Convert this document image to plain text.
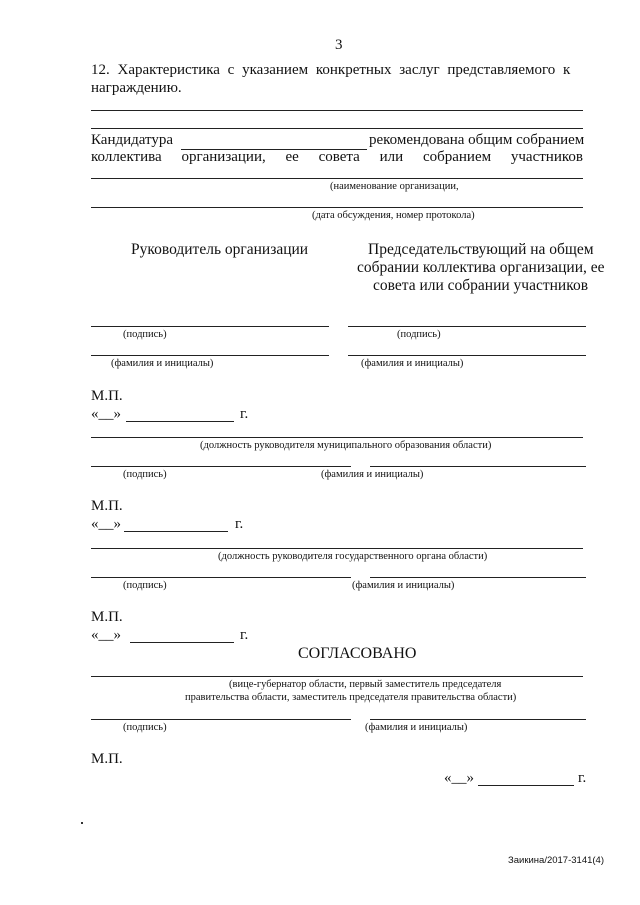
3
12. Характеристика с указанием конкретных заслуг представляемого к
награждению.
Кандидатура	рекомендована общим собранием
коллектива организации, ее совета или собранием участников
(наименование организации,
(дата обсуждения, номер протокола)
Руководитель организации	Председательствующий на общем
собрании коллектива организации, ее
совета или собрании участников
(подпись)	(подпись)
(фамилия и инициалы)	(фамилия и инициалы)
М.П.
«__»	г.
(должность руководителя муниципального образования области)
(подпись)	(фамилия и инициалы)
М.П.
«__»	г.
(должность руководителя государственного органа области)
(подпись)	(фамилия и инициалы)
М.П.
«__»	г.
СОГЛАСОВАНО
(вице-губернатор области, первый заместитель председателя
правительства области, заместитель председателя правительства области)
(подпись)	(фамилия и инициалы)
М.П.
«__»	г.
Заикина/2017-3141(4)
